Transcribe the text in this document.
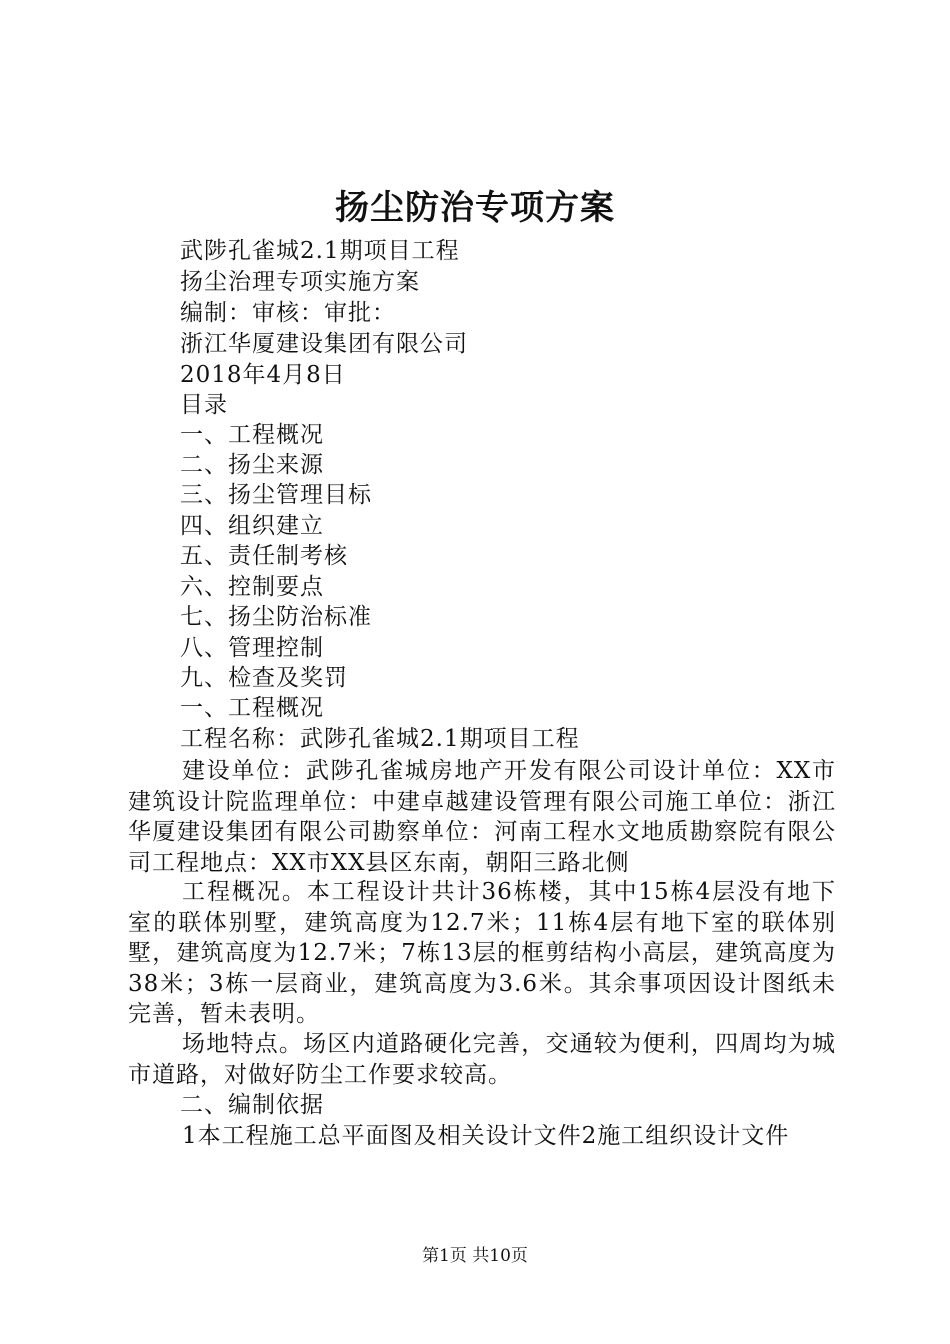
扬尘防治专项方案
武陟孔雀城2.1期项目工程
扬尘治理专项实施方案
编制：审核：审批：
浙江华厦建设集团有限公司
2018年4月8日
目录
一、工程概况
二、扬尘来源
三、扬尘管理目标
四、组织建立
五、责任制考核
六、控制要点
七、扬尘防治标准
八、管理控制
九、检查及奖罚
一、工程概况
工程名称：武陟孔雀城2.1期项目工程
建设单位：武陟孔雀城房地产开发有限公司设计单位：XX市建筑设计院监理单位：中建卓越建设管理有限公司施工单位：浙江华厦建设集团有限公司勘察单位：河南工程水文地质勘察院有限公司工程地点：XX市XX县区东南，朝阳三路北侧
工程概况。本工程设计共计36栋楼，其中15栋4层没有地下室的联体别墅，建筑高度为12.7米；11栋4层有地下室的联体别墅，建筑高度为12.7米；7栋13层的框剪结构小高层，建筑高度为38米；3栋一层商业，建筑高度为3.6米。其余事项因设计图纸未完善，暂未表明。
场地特点。场区内道路硬化完善，交通较为便利，四周均为城市道路，对做好防尘工作要求较高。
二、编制依据
1本工程施工总平面图及相关设计文件2施工组织设计文件
第1页 共10页
